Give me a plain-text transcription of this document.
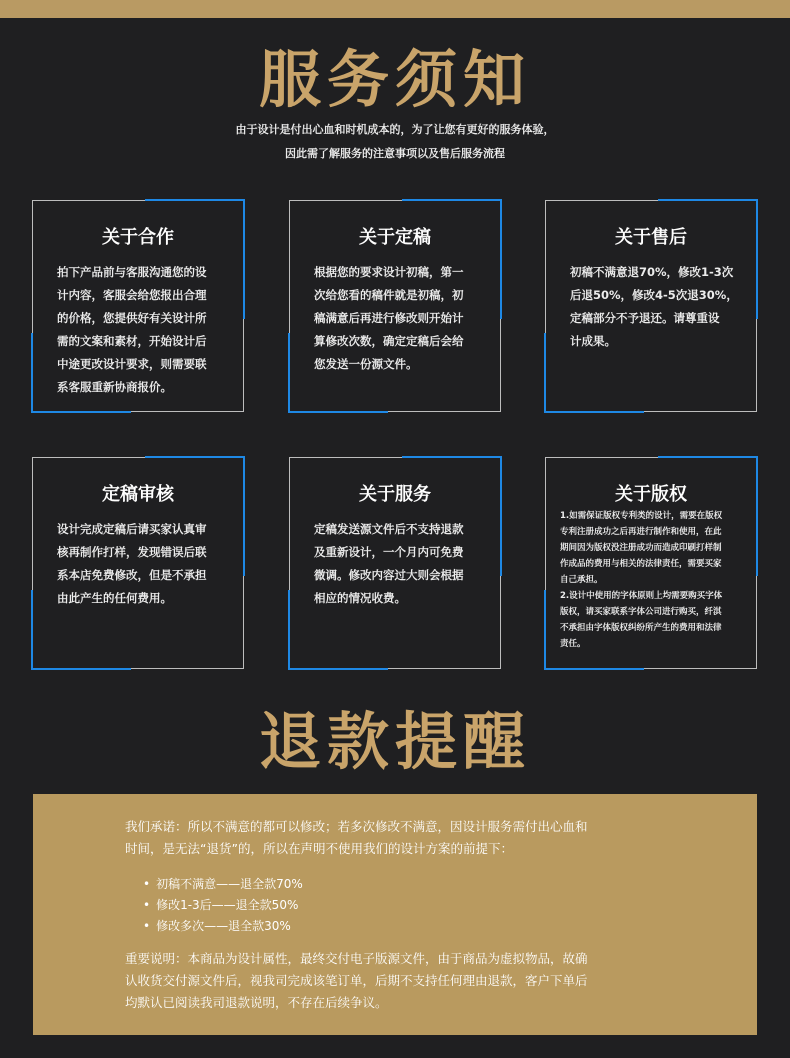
服务须知

由于设计是付出心血和时机成本的，为了让您有更好的服务体验，

因此需了解服务的注意事项以及售后服务流程

关于合作
拍下产品前与客服沟通您的设
计内容，客服会给您报出合理
的价格，您提供好有关设计所
需的文案和素材，开始设计后
中途更改设计要求，则需要联
系客服重新协商报价。
关于定稿
根据您的要求设计初稿，第一
次给您看的稿件就是初稿，初
稿满意后再进行修改则开始计
算修改次数，确定定稿后会给
您发送一份源文件。
关于售后
初稿不满意退70%，修改1-3次
后退50%，修改4-5次退30%，
定稿部分不予退还。请尊重设
计成果。
定稿审核
设计完成定稿后请买家认真审
核再制作打样，发现错误后联
系本店免费修改，但是不承担
由此产生的任何费用。
关于服务
定稿发送源文件后不支持退款
及重新设计，一个月内可免费
微调。修改内容过大则会根据
相应的情况收费。
关于版权
1.如需保证版权专利类的设计，需要在版权
专利注册成功之后再进行制作和使用，在此
期间因为版权没注册成功而造成印刷打样制
作成品的费用与相关的法律责任，需要买家
自己承担。
2.设计中使用的字体原则上均需要购买字体
版权，请买家联系字体公司进行购买，纤淇
不承担由字体版权纠纷所产生的费用和法律
责任。
退款提醒

我们承诺：所以不满意的都可以修改；若多次修改不满意，因设计服务需付出心血和
时间，是无法“退货”的，所以在声明不使用我们的设计方案的前提下：

• 初稿不满意——退全款70%
• 修改1-3后——退全款50%
• 修改多次——退全款30%

重要说明：本商品为设计属性，最终交付电子版源文件，由于商品为虚拟物品，故确
认收货交付源文件后，视我司完成该笔订单，后期不支持任何理由退款，客户下单后
均默认已阅读我司退款说明，不存在后续争议。
